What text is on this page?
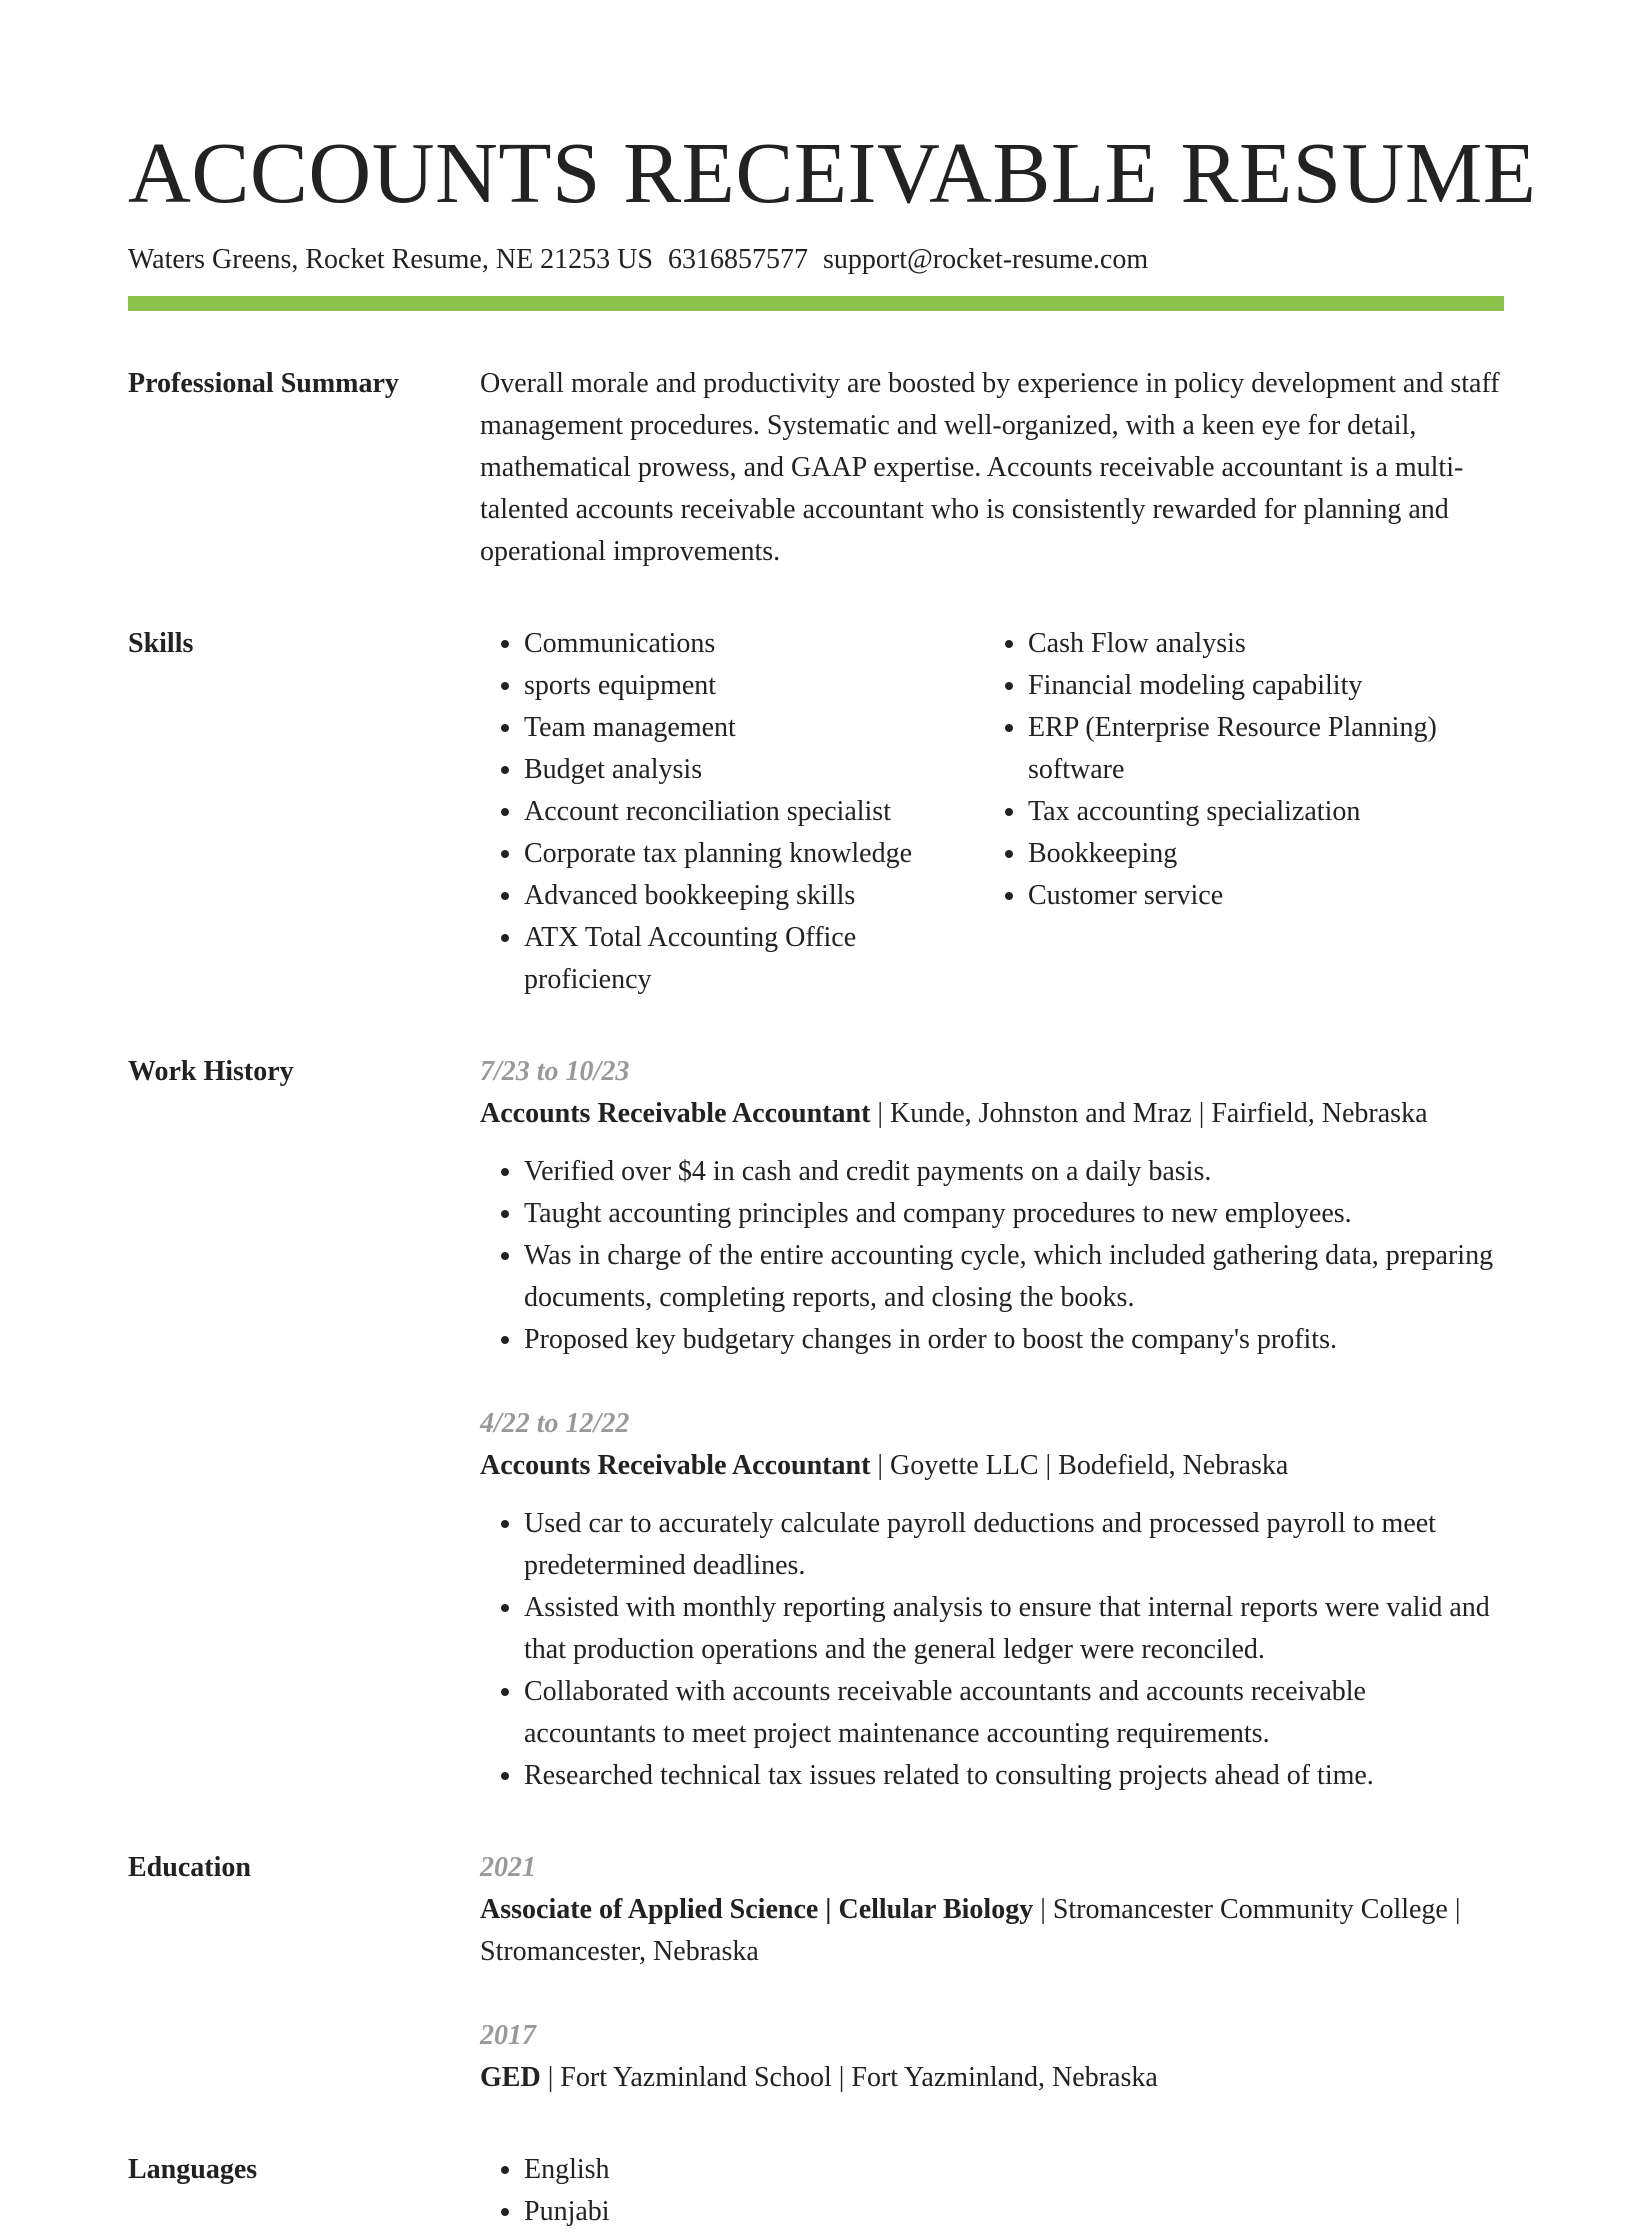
ACCOUNTS RECEIVABLE RESUME
Waters Greens, Rocket Resume, NE 21253 US 6316857577 support@rocket-resume.com
Professional Summary	Overall morale and productivity are boosted by experience in policy development and staff management procedures. Systematic and well-organized, with a keen eye for detail, mathematical prowess, and GAAP expertise. Accounts receivable accountant is a multi-talented accounts receivable accountant who is consistently rewarded for planning and operational improvements.

Skills	• Communications
• sports equipment
• Team management
• Budget analysis
• Account reconciliation specialist
• Corporate tax planning knowledge
• Advanced bookkeeping skills
• ATX Total Accounting Office proficiency
• Cash Flow analysis
• Financial modeling capability
• ERP (Enterprise Resource Planning) software
• Tax accounting specialization
• Bookkeeping
• Customer service
Work History	7/23 to 10/23
Accounts Receivable Accountant | Kunde, Johnston and Mraz | Fairfield, Nebraska
• Verified over $4 in cash and credit payments on a daily basis.
• Taught accounting principles and company procedures to new employees.
• Was in charge of the entire accounting cycle, which included gathering data, preparing documents, completing reports, and closing the books.
• Proposed key budgetary changes in order to boost the company's profits.
4/22 to 12/22
Accounts Receivable Accountant | Goyette LLC | Bodefield, Nebraska
• Used car to accurately calculate payroll deductions and processed payroll to meet predetermined deadlines.
• Assisted with monthly reporting analysis to ensure that internal reports were valid and that production operations and the general ledger were reconciled.
• Collaborated with accounts receivable accountants and accounts receivable accountants to meet project maintenance accounting requirements.
• Researched technical tax issues related to consulting projects ahead of time.
Education	2021
Associate of Applied Science | Cellular Biology | Stromancester Community College | Stromancester, Nebraska
2017
GED | Fort Yazminland School | Fort Yazminland, Nebraska
Languages	• English
• Punjabi
